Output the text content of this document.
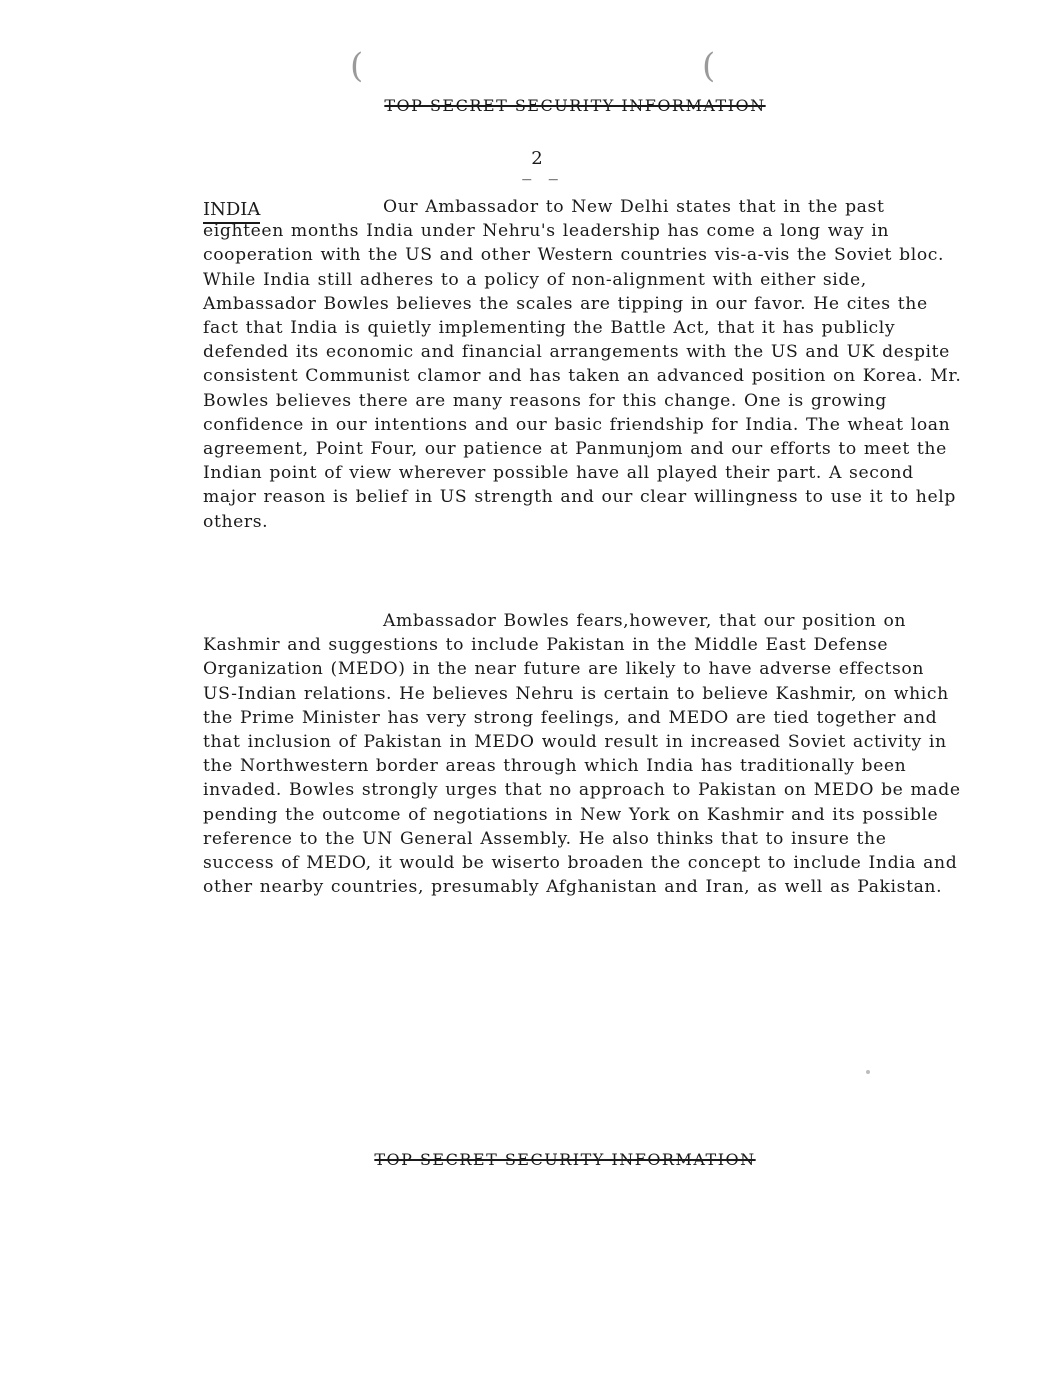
(	(
TOP SECRET SECURITY INFORMATION
_2_
INDIA	Our Ambassador to New Delhi states that in the past eighteen months India under Nehru's leadership has come a long way in cooperation with the US and other Western countries vis-a-vis the Soviet bloc. While India still adheres to a policy of non-alignment with either side, Ambassador Bowles believes the scales are tipping in our favor. He cites the fact that India is quietly implementing the Battle Act, that it has publicly defended its economic and financial arrangements with the US and UK despite consistent Communist clamor and has taken an advanced position on Korea. Mr. Bowles believes there are many reasons for this change. One is growing confidence in our intentions and our basic friendship for India. The wheat loan agreement, Point Four, our patience at Panmunjom and our efforts to meet the Indian point of view wherever possible have all played their part. A second major reason is belief in US strength and our clear willingness to use it to help others.

Ambassador Bowles fears,however, that our position on Kashmir and suggestions to include Pakistan in the Middle East Defense Organization (MEDO) in the near future are likely to have adverse effectson US-Indian relations. He believes Nehru is certain to believe Kashmir, on which the Prime Minister has very strong feelings, and MEDO are tied together and that inclusion of Pakistan in MEDO would result in increased Soviet activity in the Northwestern border areas through which India has traditionally been invaded. Bowles strongly urges that no approach to Pakistan on MEDO be made pending the outcome of negotiations in New York on Kashmir and its possible reference to the UN General Assembly. He also thinks that to insure the success of MEDO, it would be wiserto broaden the concept to include India and other nearby countries, presumably Afghanistan and Iran, as well as Pakistan.

TOP SECRET SECURITY INFORMATION
